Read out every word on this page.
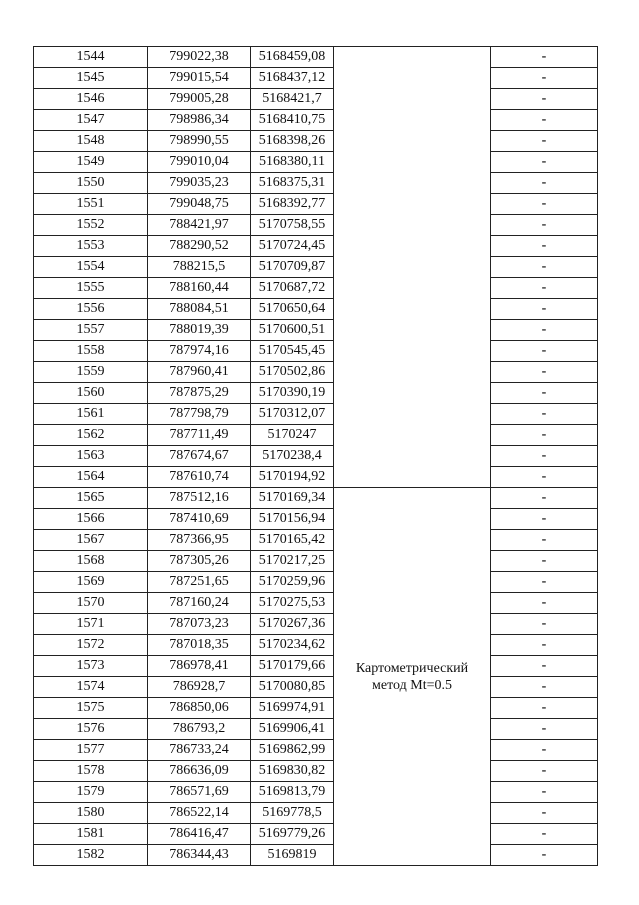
1544	799022,38	5168459,08		-
1545	799015,54	5168437,12		-
1546	799005,28	5168421,7		-
1547	798986,34	5168410,75		-
1548	798990,55	5168398,26		-
1549	799010,04	5168380,11		-
1550	799035,23	5168375,31		-
1551	799048,75	5168392,77		-
1552	788421,97	5170758,55		-
1553	788290,52	5170724,45		-
1554	788215,5	5170709,87		-
1555	788160,44	5170687,72		-
1556	788084,51	5170650,64		-
1557	788019,39	5170600,51		-
1558	787974,16	5170545,45		-
1559	787960,41	5170502,86		-
1560	787875,29	5170390,19		-
1561	787798,79	5170312,07		-
1562	787711,49	5170247		-
1563	787674,67	5170238,4		-
1564	787610,74	5170194,92		-
1565	787512,16	5170169,34	Картометрический
метод Mt=0.5	-
1566	787410,69	5170156,94		-
1567	787366,95	5170165,42		-
1568	787305,26	5170217,25		-
1569	787251,65	5170259,96		-
1570	787160,24	5170275,53		-
1571	787073,23	5170267,36		-
1572	787018,35	5170234,62		-
1573	786978,41	5170179,66		-
1574	786928,7	5170080,85		-
1575	786850,06	5169974,91		-
1576	786793,2	5169906,41		-
1577	786733,24	5169862,99		-
1578	786636,09	5169830,82		-
1579	786571,69	5169813,79		-
1580	786522,14	5169778,5		-
1581	786416,47	5169779,26		-
1582	786344,43	5169819		-
